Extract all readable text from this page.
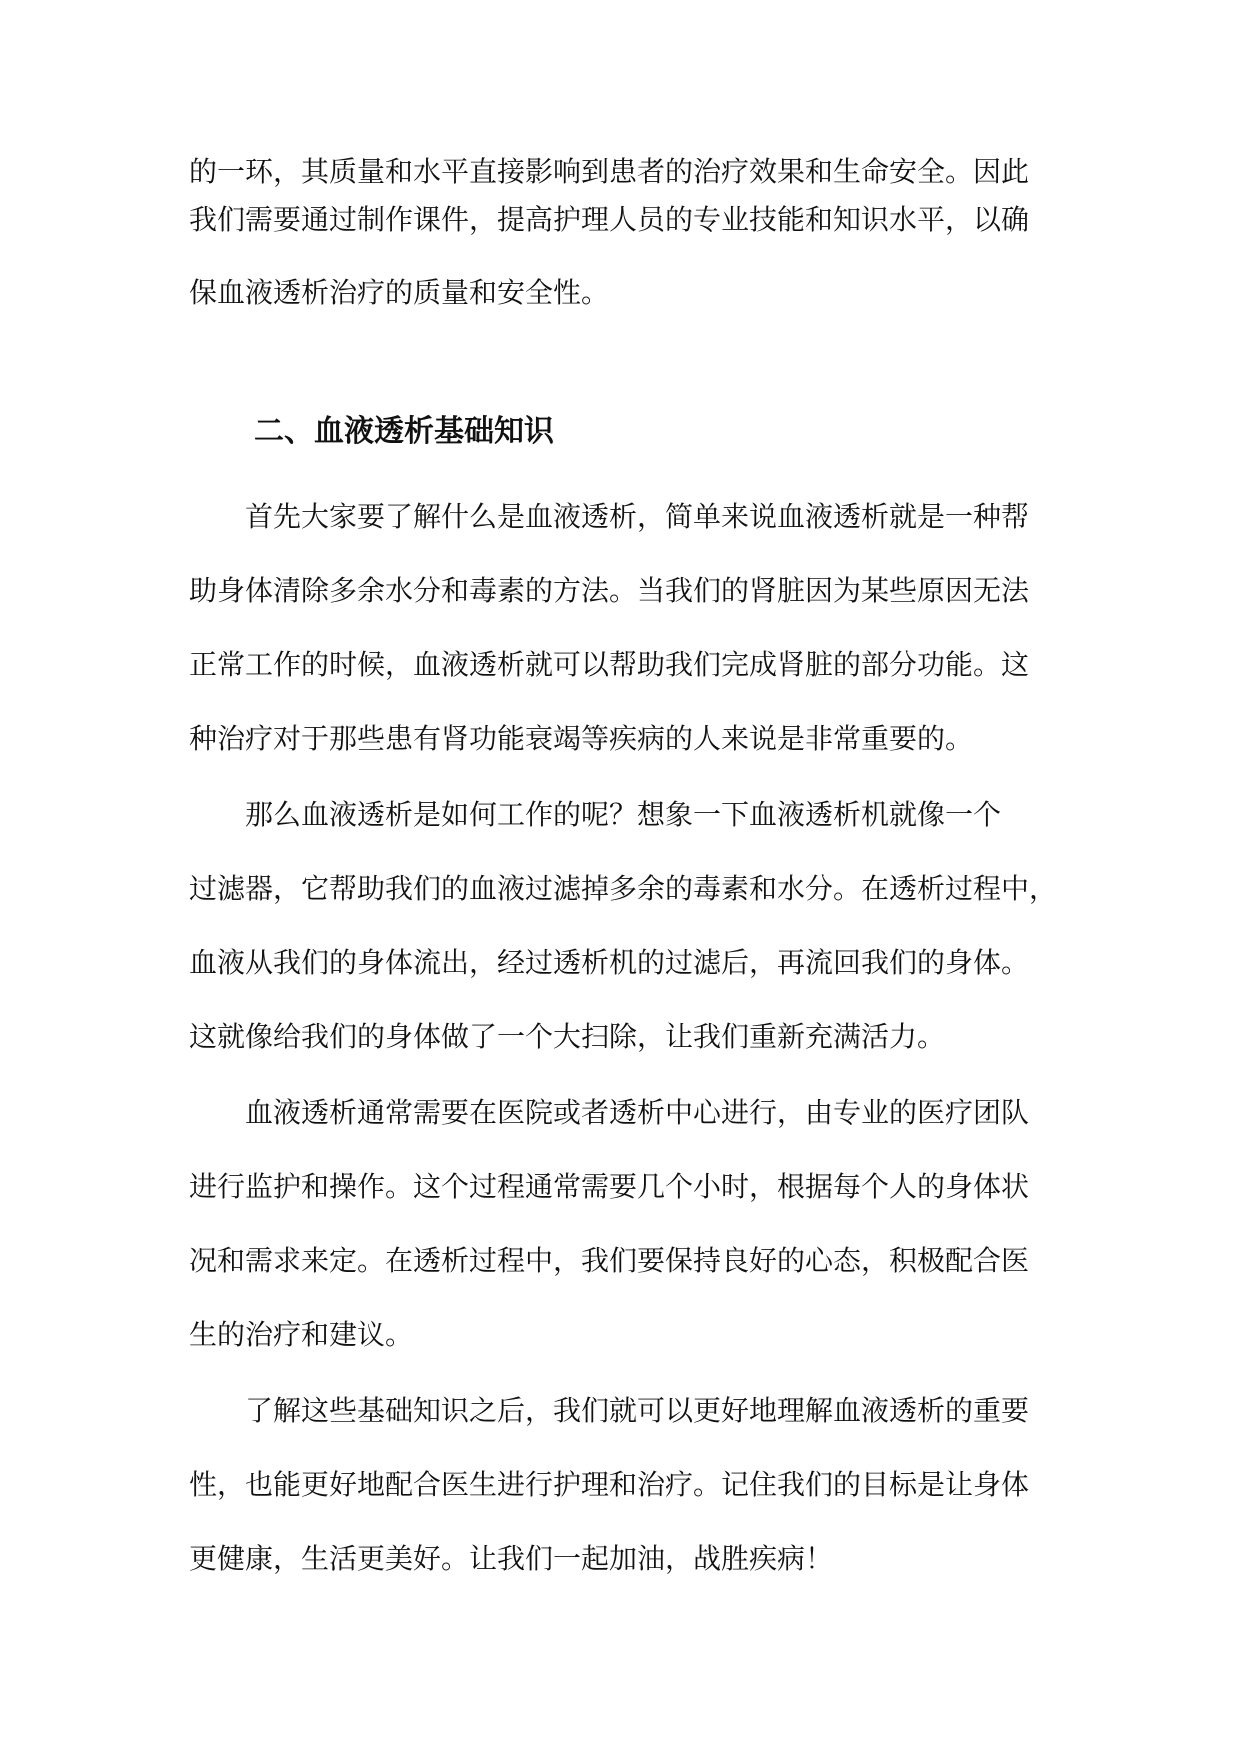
的一环，其质量和水平直接影响到患者的治疗效果和生命安全。因此
我们需要通过制作课件，提高护理人员的专业技能和知识水平，以确
保血液透析治疗的质量和安全性。
二、血液透析基础知识
首先大家要了解什么是血液透析，简单来说血液透析就是一种帮
助身体清除多余水分和毒素的方法。当我们的肾脏因为某些原因无法
正常工作的时候，血液透析就可以帮助我们完成肾脏的部分功能。这
种治疗对于那些患有肾功能衰竭等疾病的人来说是非常重要的。
那么血液透析是如何工作的呢？想象一下血液透析机就像一个
过滤器，它帮助我们的血液过滤掉多余的毒素和水分。在透析过程中，
血液从我们的身体流出，经过透析机的过滤后，再流回我们的身体。
这就像给我们的身体做了一个大扫除，让我们重新充满活力。
血液透析通常需要在医院或者透析中心进行，由专业的医疗团队
进行监护和操作。这个过程通常需要几个小时，根据每个人的身体状
况和需求来定。在透析过程中，我们要保持良好的心态，积极配合医
生的治疗和建议。
了解这些基础知识之后，我们就可以更好地理解血液透析的重要
性，也能更好地配合医生进行护理和治疗。记住我们的目标是让身体
更健康，生活更美好。让我们一起加油，战胜疾病！
